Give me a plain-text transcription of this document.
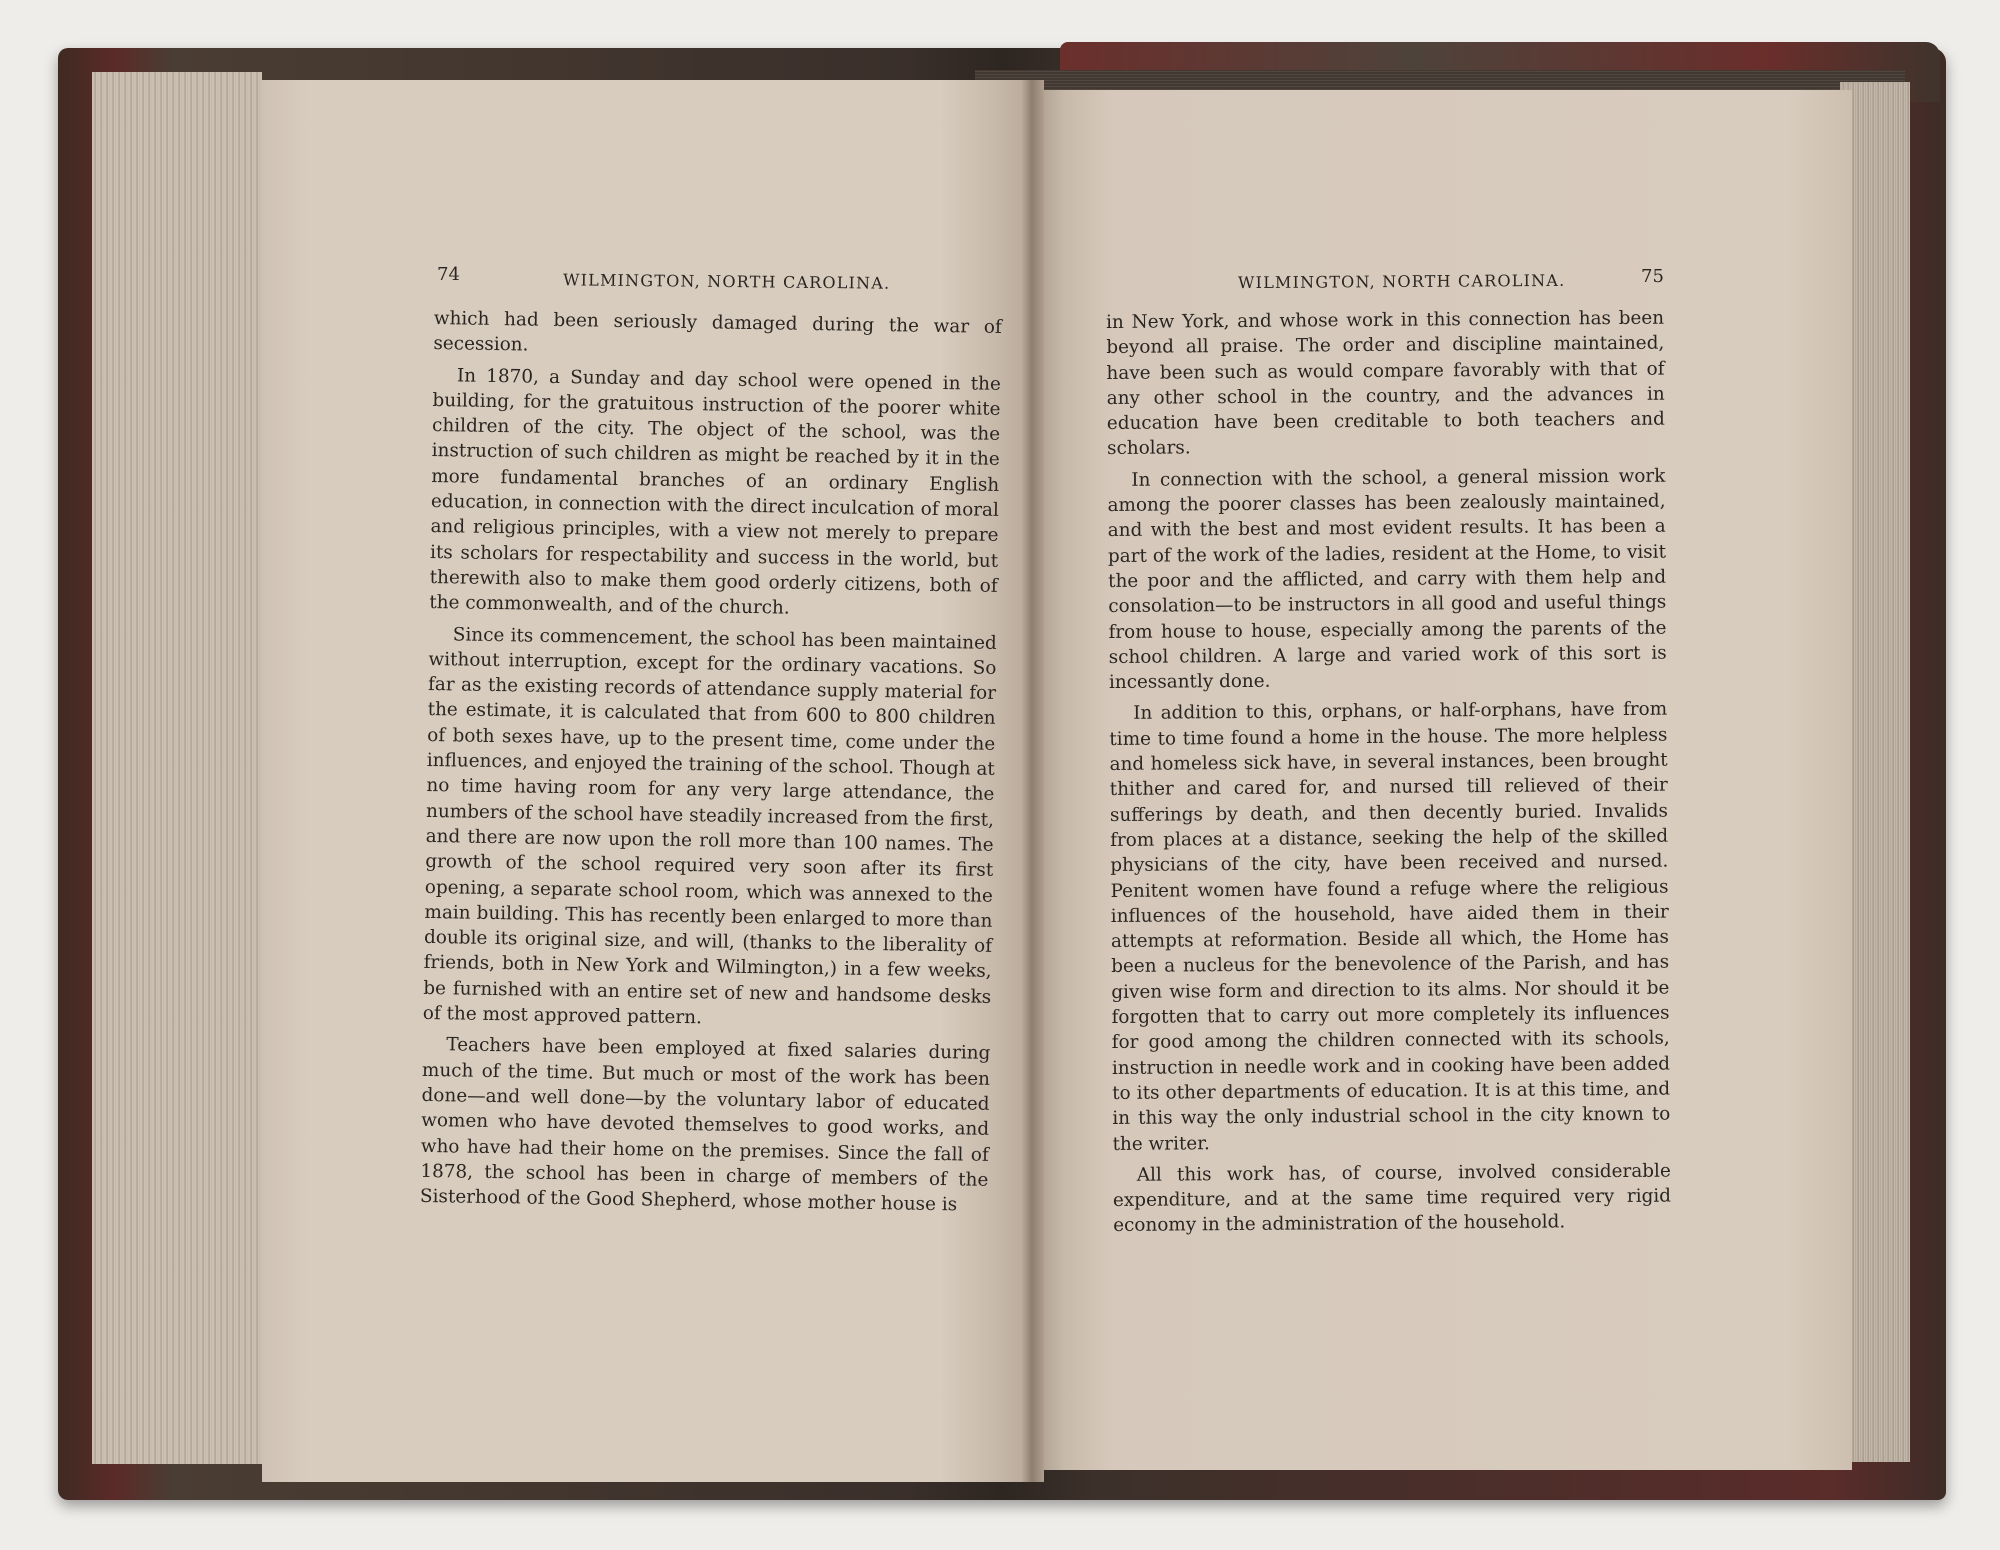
74	WILMINGTON, NORTH CAROLINA.

which had been seriously damaged during the war of secession.

In 1870, a Sunday and day school were opened in the building, for the gratuitous instruction of the poorer white children of the city. The object of the school, was the instruction of such children as might be reached by it in the more fundamental branches of an ordinary English education, in connection with the direct inculcation of moral and religious principles, with a view not merely to prepare its scholars for respectability and success in the world, but therewith also to make them good orderly citizens, both of the commonwealth, and of the church.

Since its commencement, the school has been maintained without interruption, except for the ordinary vacations. So far as the existing records of attendance supply material for the estimate, it is calculated that from 600 to 800 children of both sexes have, up to the present time, come under the influences, and enjoyed the training of the school. Though at no time having room for any very large attendance, the numbers of the school have steadily increased from the first, and there are now upon the roll more than 100 names. The growth of the school required very soon after its first opening, a separate school room, which was annexed to the main building. This has recently been enlarged to more than double its original size, and will, (thanks to the liberality of friends, both in New York and Wilmington,) in a few weeks, be furnished with an entire set of new and handsome desks of the most approved pattern.

Teachers have been employed at fixed salaries during much of the time. But much or most of the work has been done—and well done—by the voluntary labor of educated women who have devoted themselves to good works, and who have had their home on the premises. Since the fall of 1878, the school has been in charge of members of the Sisterhood of the Good Shepherd, whose mother house is

WILMINGTON, NORTH CAROLINA.	75

in New York, and whose work in this connection has been beyond all praise. The order and discipline maintained, have been such as would compare favorably with that of any other school in the country, and the advances in education have been creditable to both teachers and scholars.

In connection with the school, a general mission work among the poorer classes has been zealously maintained, and with the best and most evident results. It has been a part of the work of the ladies, resident at the Home, to visit the poor and the afflicted, and carry with them help and consolation—to be instructors in all good and useful things from house to house, especially among the parents of the school children. A large and varied work of this sort is incessantly done.

In addition to this, orphans, or half-orphans, have from time to time found a home in the house. The more helpless and homeless sick have, in several instances, been brought thither and cared for, and nursed till relieved of their sufferings by death, and then decently buried. Invalids from places at a distance, seeking the help of the skilled physicians of the city, have been received and nursed. Penitent women have found a refuge where the religious influences of the household, have aided them in their attempts at reformation. Beside all which, the Home has been a nucleus for the benevolence of the Parish, and has given wise form and direction to its alms. Nor should it be forgotten that to carry out more completely its influences for good among the children connected with its schools, instruction in needle work and in cooking have been added to its other departments of education. It is at this time, and in this way the only industrial school in the city known to the writer.

All this work has, of course, involved considerable expenditure, and at the same time required very rigid economy in the administration of the household.
